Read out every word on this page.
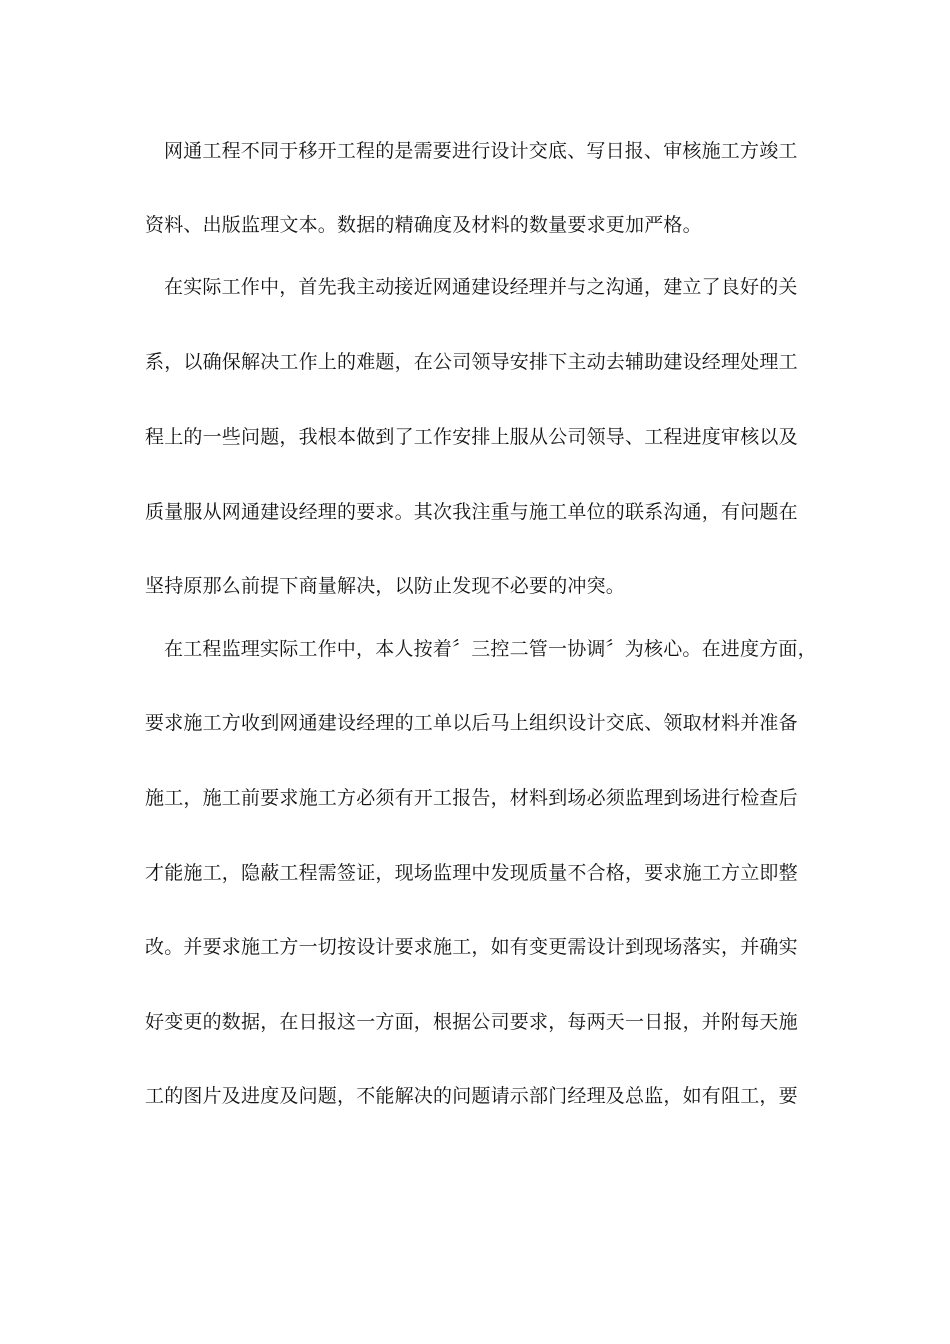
网通工程不同于移开工程的是需要进行设计交底、写日报、审核施工方竣工
资料、出版监理文本。数据的精确度及材料的数量要求更加严格。
在实际工作中，首先我主动接近网通建设经理并与之沟通，建立了良好的关
系，以确保解决工作上的难题，在公司领导安排下主动去辅助建设经理处理工
程上的一些问题，我根本做到了工作安排上服从公司领导、工程进度审核以及
质量服从网通建设经理的要求。其次我注重与施工单位的联系沟通，有问题在
坚持原那么前提下商量解决，以防止发现不必要的冲突。
在工程监理实际工作中，本人按着〞三控二管一协调〞为核心。在进度方面，
要求施工方收到网通建设经理的工单以后马上组织设计交底、领取材料并准备
施工，施工前要求施工方必须有开工报告，材料到场必须监理到场进行检查后
才能施工，隐蔽工程需签证，现场监理中发现质量不合格，要求施工方立即整
改。并要求施工方一切按设计要求施工，如有变更需设计到现场落实，并确实
好变更的数据，在日报这一方面，根据公司要求，每两天一日报，并附每天施
工的图片及进度及问题，不能解决的问题请示部门经理及总监，如有阻工，要
